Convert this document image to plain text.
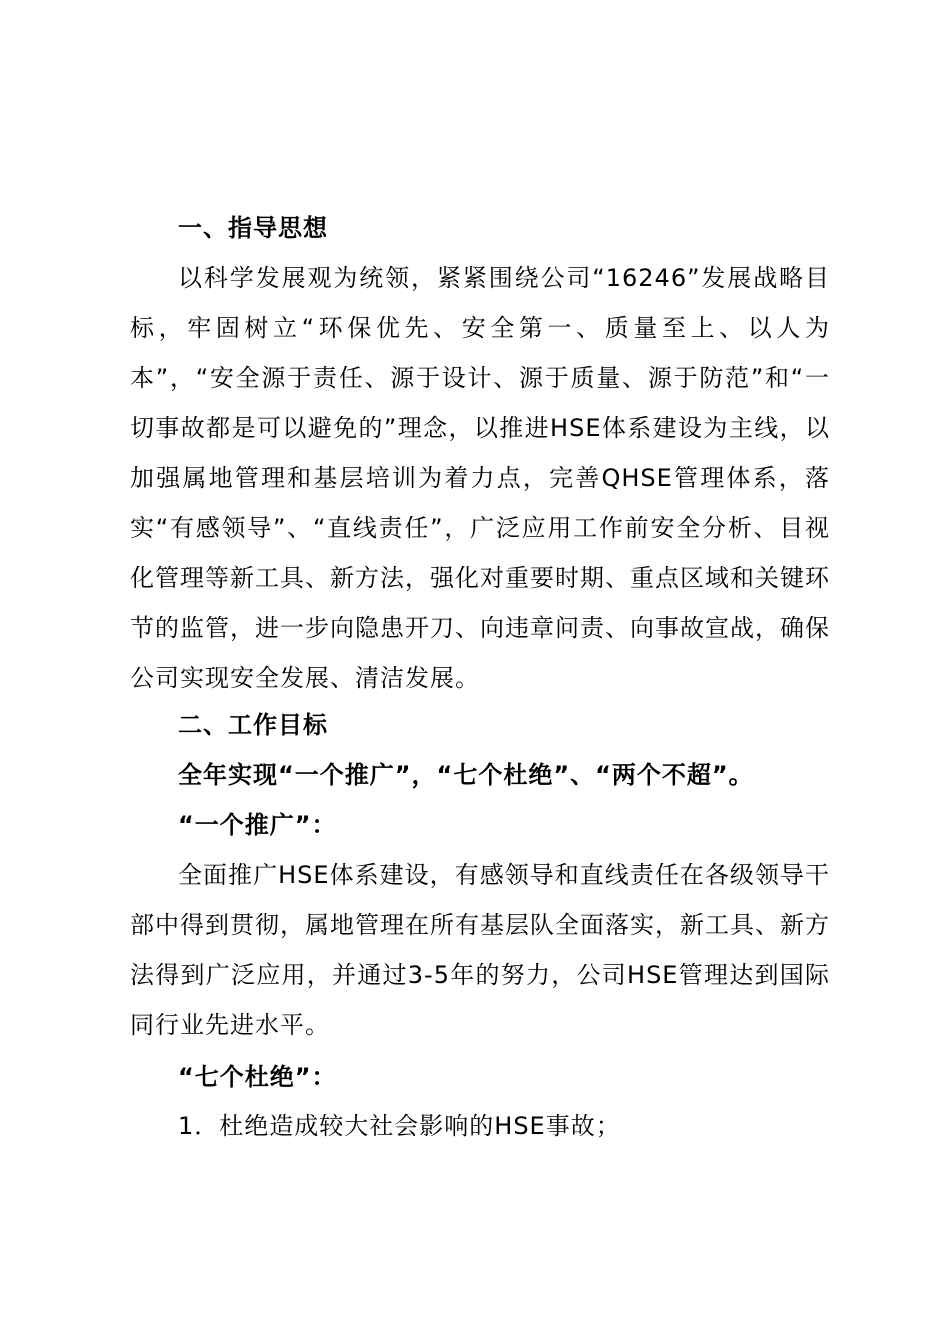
一、指导思想
以科学发展观为统领，紧紧围绕公司“16246”发展战略目标，牢固树立“环保优先、安全第一、质量至上、以人为本”，“安全源于责任、源于设计、源于质量、源于防范”和“一切事故都是可以避免的”理念，以推进HSE体系建设为主线，以加强属地管理和基层培训为着力点，完善QHSE管理体系，落实“有感领导”、“直线责任”，广泛应用工作前安全分析、目视化管理等新工具、新方法，强化对重要时期、重点区域和关键环节的监管，进一步向隐患开刀、向违章问责、向事故宣战，确保公司实现安全发展、清洁发展。
二、工作目标
全年实现“一个推广”，“七个杜绝”、“两个不超”。
“一个推广”：
全面推广HSE体系建设，有感领导和直线责任在各级领导干部中得到贯彻，属地管理在所有基层队全面落实，新工具、新方法得到广泛应用，并通过3-5年的努力，公司HSE管理达到国际同行业先进水平。
“七个杜绝”：
1．杜绝造成较大社会影响的HSE事故；
